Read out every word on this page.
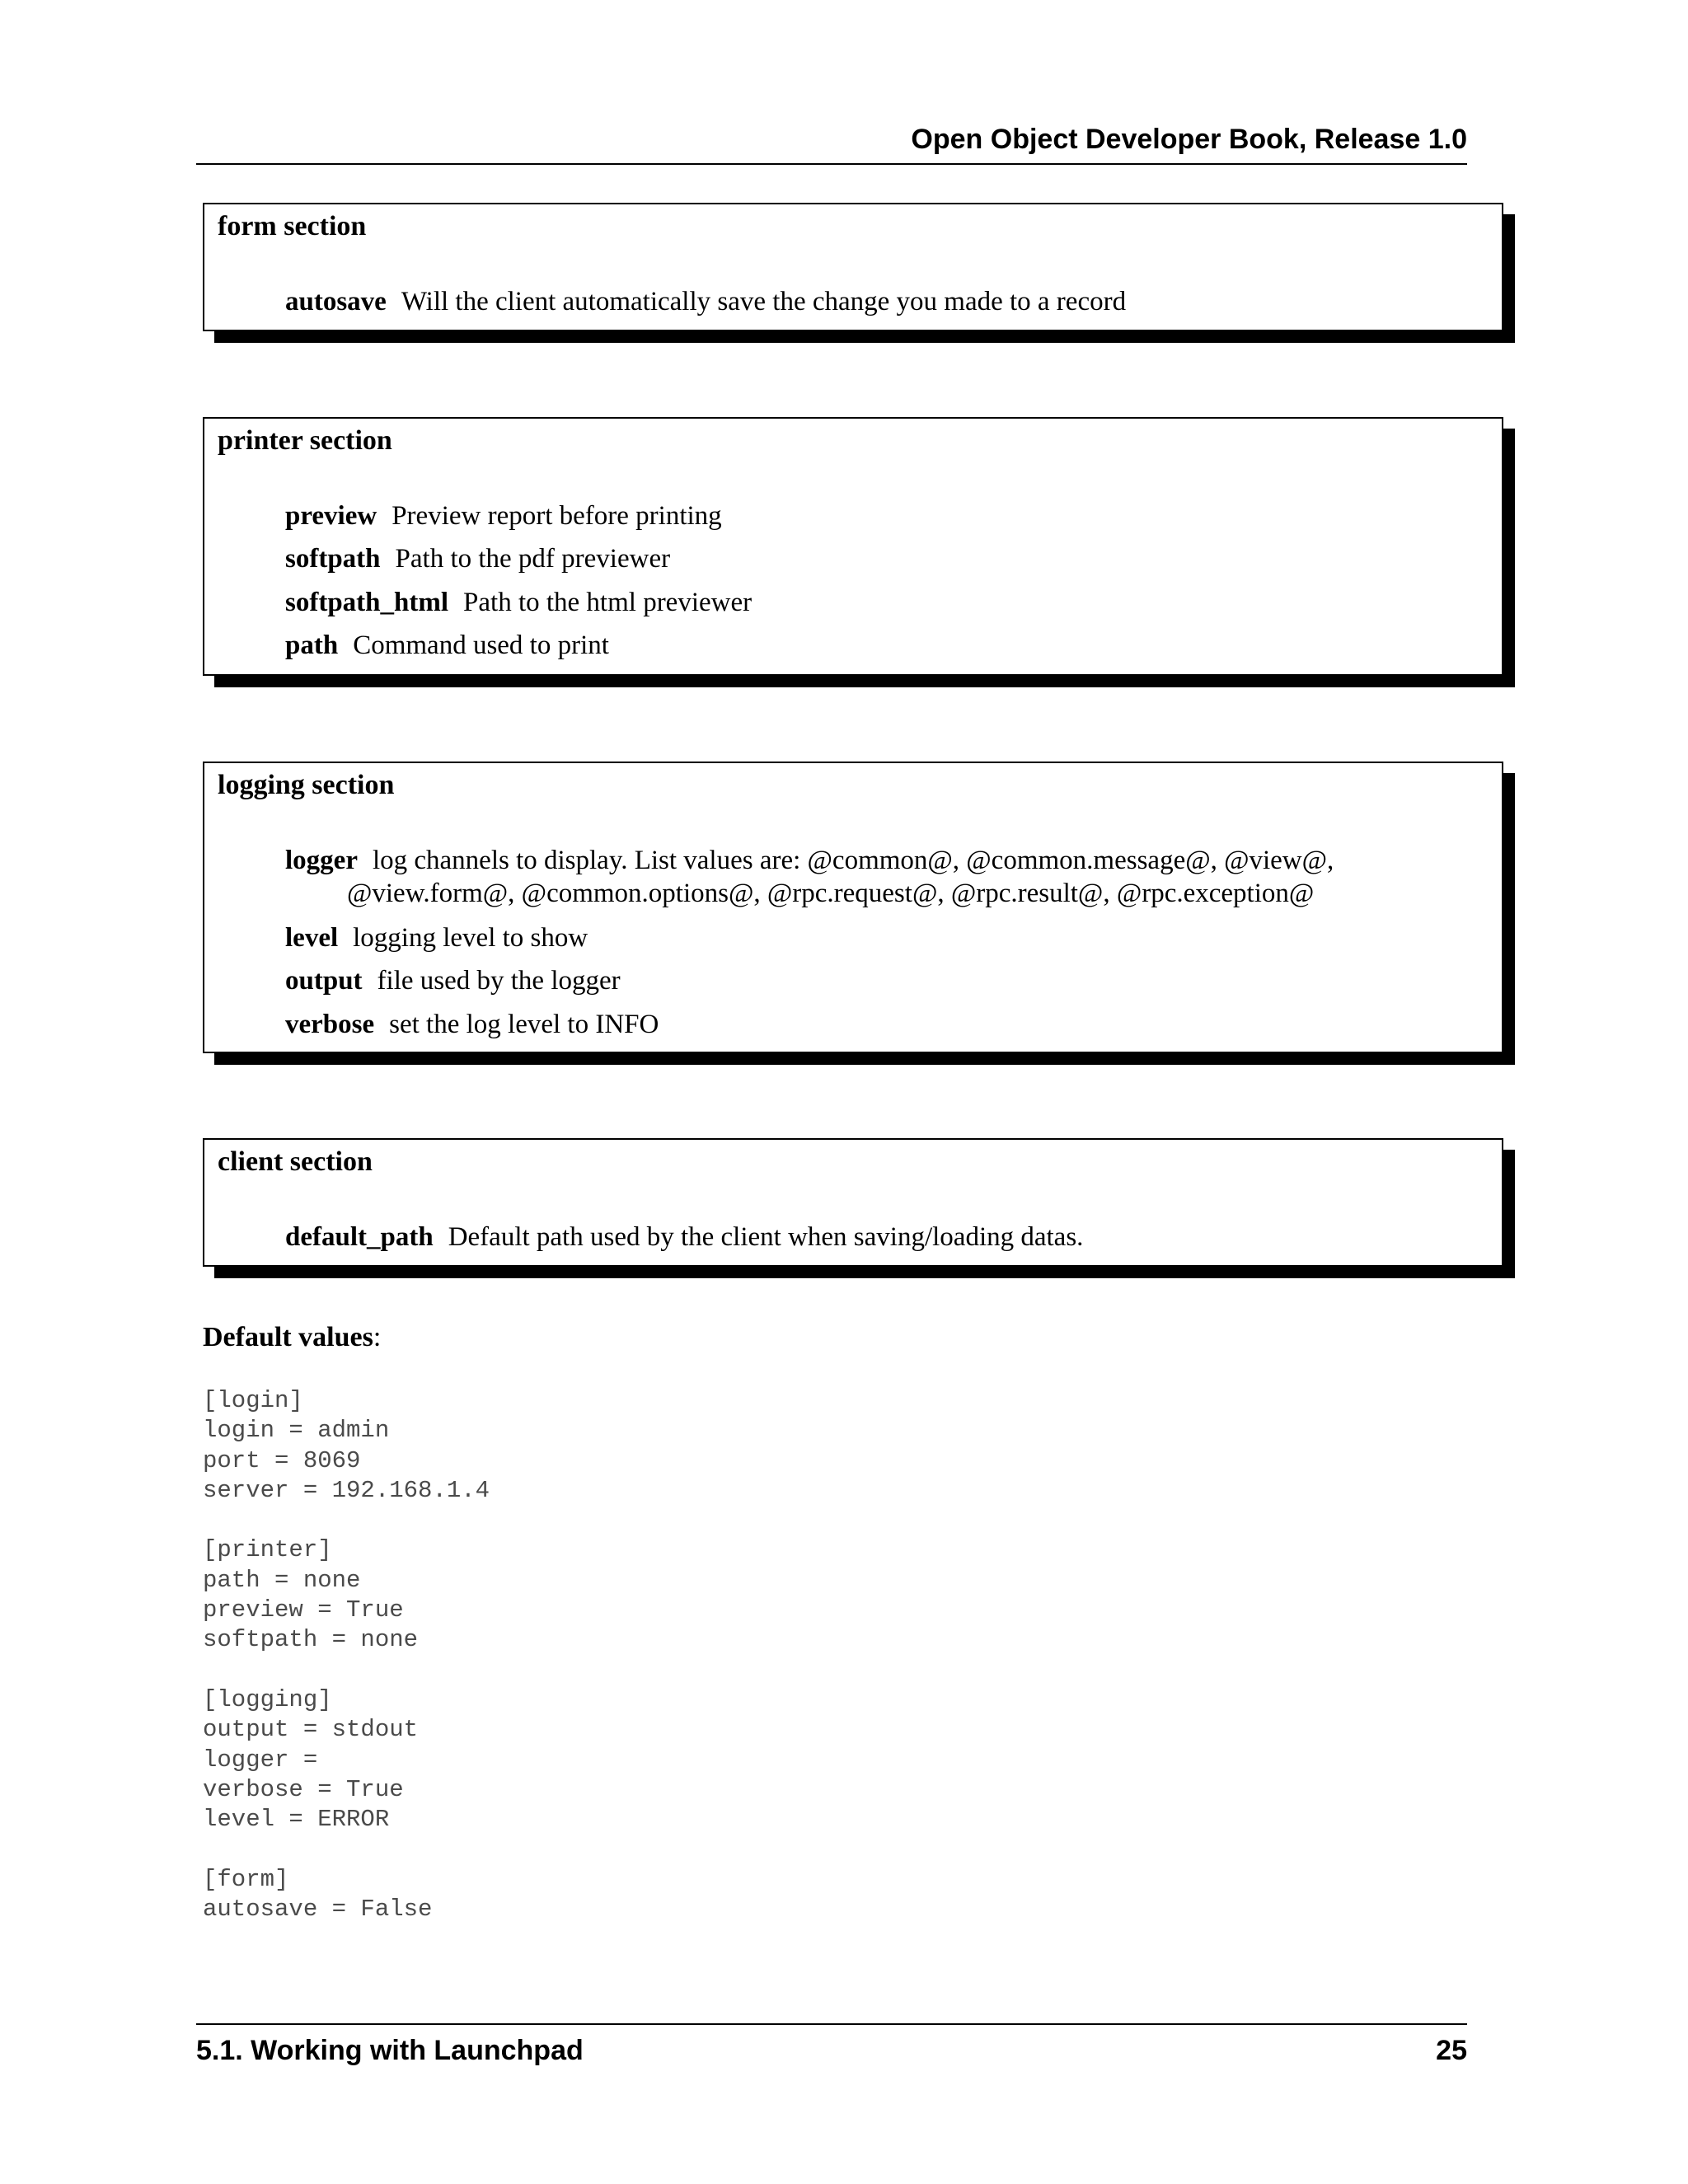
Open Object Developer Book, Release 1.0
form section
autosave Will the client automatically save the change you made to a record
printer section
preview Preview report before printing
softpath Path to the pdf previewer
softpath_html Path to the html previewer
path Command used to print
logging section
logger log channels to display. List values are: @common@, @common.message@, @view@, @view.form@, @common.options@, @rpc.request@, @rpc.result@, @rpc.exception@
level logging level to show
output file used by the logger
verbose set the log level to INFO
client section
default_path Default path used by the client when saving/loading datas.
Default values:
[login]
login = admin
port = 8069
server = 192.168.1.4

[printer]
path = none
preview = True
softpath = none

[logging]
output = stdout
logger =
verbose = True
level = ERROR

[form]
autosave = False
5.1. Working with Launchpad	25
